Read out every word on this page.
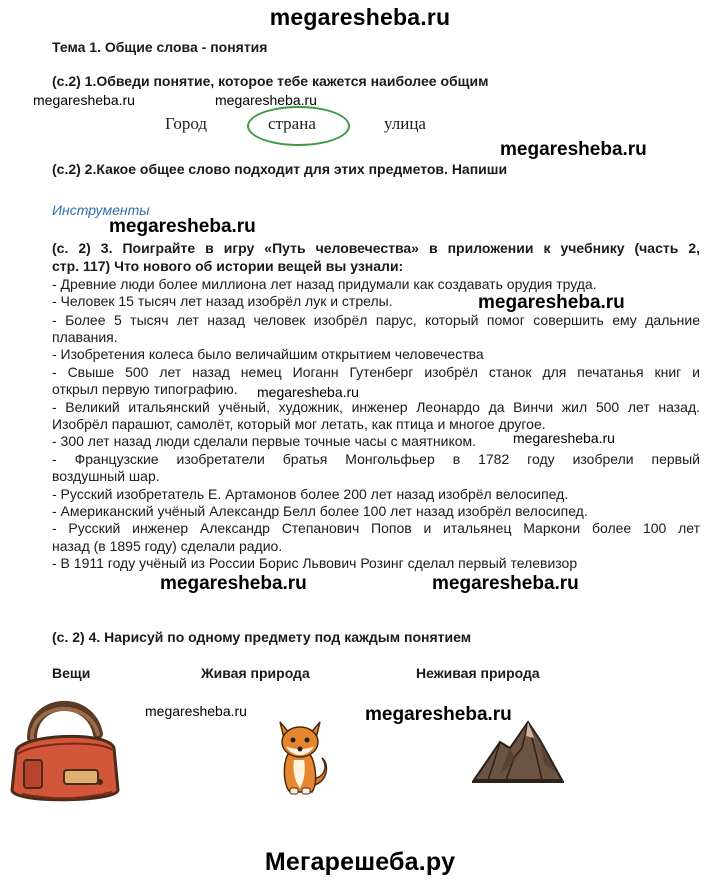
megaresheba.ru
Тема 1. Общие слова - понятия
(с.2) 1.Обведи понятие, которое тебе кажется наиболее общим
megaresheba.ru	megaresheba.ru
Город	страна	улица
megaresheba.ru
(с.2) 2.Какое общее слово подходит для этих предметов. Напиши
Инструменты
megaresheba.ru
(с. 2) 3. Поиграйте в игру «Путь человечества» в приложении к учебнику (часть 2,
стр. 117) Что нового об истории вещей вы узнали:
- Древние люди более миллиона лет назад придумали как создавать орудия труда.
- Человек 15 тысяч лет назад изобрёл лук и стрелы.	megaresheba.ru
- Более 5 тысяч лет назад человек изобрёл парус, который помог совершить ему дальние
плавания.
- Изобретения колеса было величайшим открытием человечества
- Свыше 500 лет назад немец Иоганн Гутенберг изобрёл станок для печатанья книг и
открыл первую типографию. megaresheba.ru
- Великий итальянский учёный, художник, инженер Леонардо да Винчи жил 500 лет назад.
Изобрёл парашют, самолёт, который мог летать, как птица и многое другое.
- 300 лет назад люди сделали первые точные часы с маятником.	megaresheba.ru
- Французские изобретатели братья Монгольфьер в 1782 году изобрели первый
воздушный шар.
- Русский изобретатель Е. Артамонов более 200 лет назад изобрёл велосипед.
- Американский учёный Александр Белл более 100 лет назад изобрёл велосипед.
- Русский инженер Александр Степанович Попов и итальянец Маркони более 100 лет
назад (в 1895 году) сделали радио.
- В 1911 году учёный из России Борис Львович Розинг сделал первый телевизор
megaresheba.ru	megaresheba.ru
(с. 2) 4. Нарисуй по одному предмету под каждым понятием
Вещи	Живая природа	Неживая природа
megaresheba.ru	megaresheba.ru
Мегарешеба.ру
